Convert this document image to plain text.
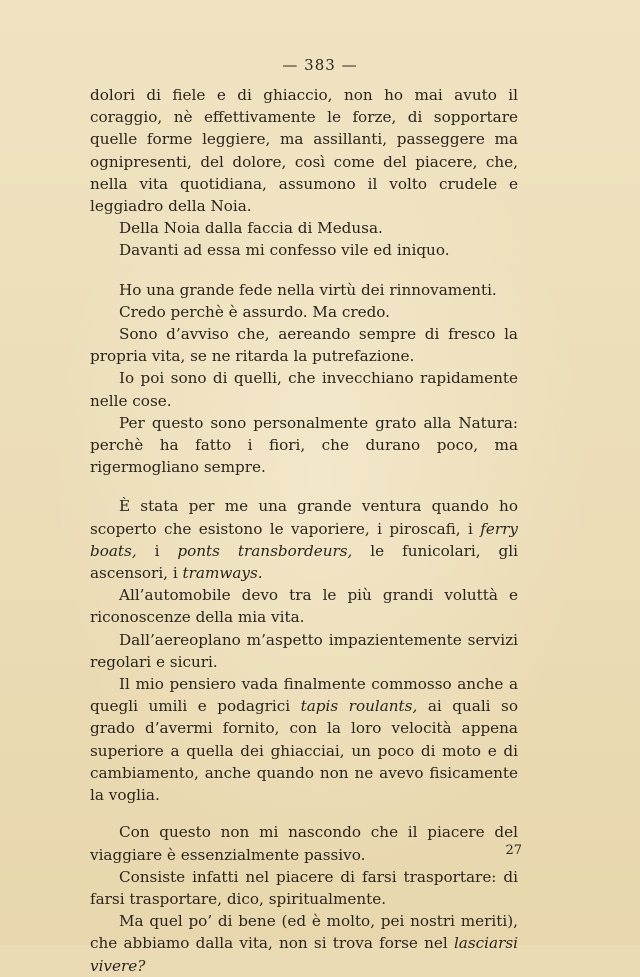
— 383 —

dolori di fiele e di ghiaccio, non ho mai avuto il coraggio, nè effettivamente le forze, di sopportare quelle forme leggiere, ma assillanti, passeggere ma ognipresenti, del dolore, così come del piacere, che, nella vita quotidiana, assumono il volto crudele e leggiadro della Noia.

Della Noia dalla faccia di Medusa.

Davanti ad essa mi confesso vile ed iniquo.

Ho una grande fede nella virtù dei rinnovamenti.

Credo perchè è assurdo. Ma credo.

Sono d’avviso che, aereando sempre di fresco la propria vita, se ne ritarda la putrefazione.

Io poi sono di quelli, che invecchiano rapidamente nelle cose.

Per questo sono personalmente grato alla Natura: perchè ha fatto i fiori, che durano poco, ma rigermogliano sempre.

È stata per me una grande ventura quando ho scoperto che esistono le vaporiere, i piroscafi, i ferry boats, i ponts transbordeurs, le funicolari, gli ascensori, i tramways.

All’automobile devo tra le più grandi voluttà e riconoscenze della mia vita.

Dall’aereoplano m’aspetto impazientemente servizi regolari e sicuri.

Il mio pensiero vada finalmente commosso anche a quegli umili e podagrici tapis roulants, ai quali so grado d’avermi fornito, con la loro velocità appena superiore a quella dei ghiacciai, un poco di moto e di cambiamento, anche quando non ne avevo fisicamente la voglia.

Con questo non mi nascondo che il piacere del viaggiare è essenzialmente passivo.

Consiste infatti nel piacere di farsi trasportare: di farsi trasportare, dico, spiritualmente.

Ma quel po’ di bene (ed è molto, pei nostri meriti), che abbiamo dalla vita, non si trova forse nel lasciarsi vivere?

27
